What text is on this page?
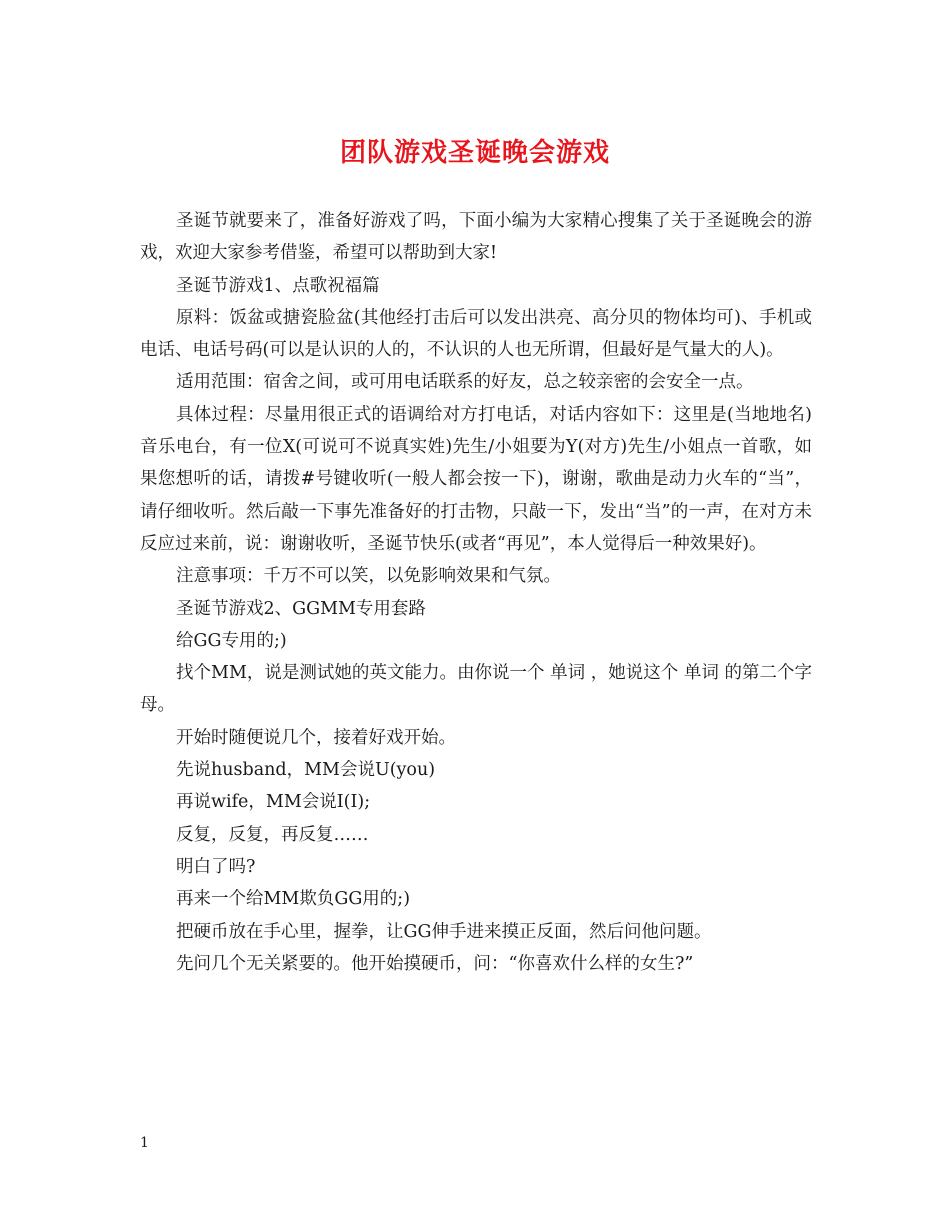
团队游戏圣诞晚会游戏

圣诞节就要来了，准备好游戏了吗，下面小编为大家精心搜集了关于圣诞晚会的游戏，欢迎大家参考借鉴，希望可以帮助到大家!

圣诞节游戏1、点歌祝福篇

原料：饭盆或搪瓷脸盆(其他经打击后可以发出洪亮、高分贝的物体均可)、手机或电话、电话号码(可以是认识的人的，不认识的人也无所谓，但最好是气量大的人)。

适用范围：宿舍之间，或可用电话联系的好友，总之较亲密的会安全一点。

具体过程：尽量用很正式的语调给对方打电话，对话内容如下：这里是(当地地名)音乐电台，有一位X(可说可不说真实姓)先生/小姐要为Y(对方)先生/小姐点一首歌，如果您想听的话，请拨#号键收听(一般人都会按一下)，谢谢，歌曲是动力火车的“当”，请仔细收听。然后敲一下事先准备好的打击物，只敲一下，发出“当”的一声，在对方未反应过来前，说：谢谢收听，圣诞节快乐(或者“再见”，本人觉得后一种效果好)。

注意事项：千万不可以笑，以免影响效果和气氛。

圣诞节游戏2、GGMM专用套路

给GG专用的;)

找个MM，说是测试她的英文能力。由你说一个 单词 ，她说这个 单词 的第二个字母。

开始时随便说几个，接着好戏开始。

先说husband，MM会说U(you)

再说wife，MM会说I(I);

反复，反复，再反复……

明白了吗?

再来一个给MM欺负GG用的;)

把硬币放在手心里，握拳，让GG伸手进来摸正反面，然后问他问题。

先问几个无关紧要的。他开始摸硬币，问：“你喜欢什么样的女生?”

1
